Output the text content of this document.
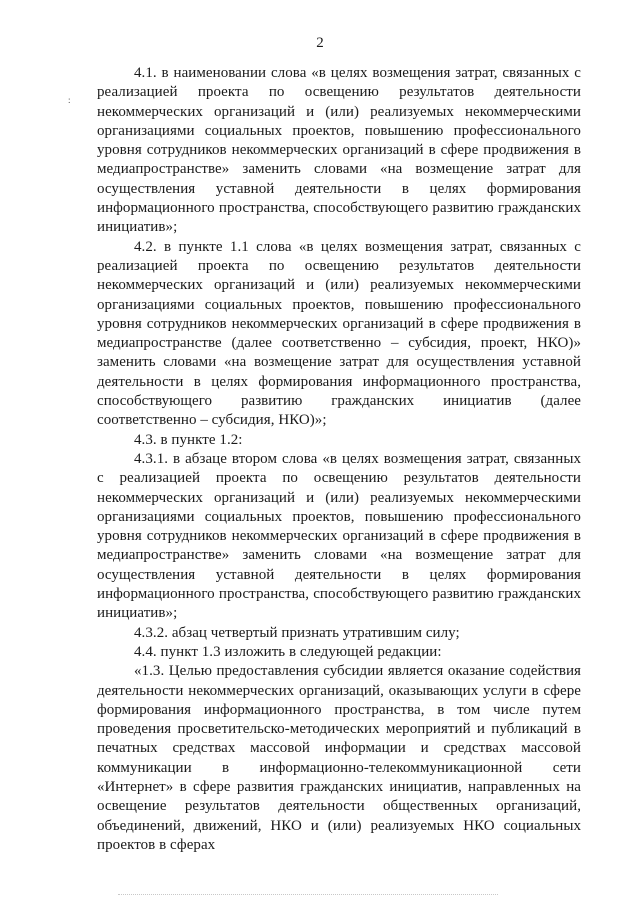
2
:

4.1. в наименовании слова «в целях возмещения затрат, связанных с реализацией проекта по освещению результатов деятельности некоммерческих организаций и (или) реализуемых некоммерческими организациями социальных проектов, повышению профессионального уровня сотрудников некоммерческих организаций в сфере продвижения в медиапространстве» заменить словами «на возмещение затрат для осуществления уставной деятельности в целях формирования информационного пространства, способствующего развитию гражданских инициатив»;

4.2. в пункте 1.1 слова «в целях возмещения затрат, связанных с реализацией проекта по освещению результатов деятельности некоммерческих организаций и (или) реализуемых некоммерческими организациями социальных проектов, повышению профессионального уровня сотрудников некоммерческих организаций в сфере продвижения в медиапространстве (далее соответственно – субсидия, проект, НКО)» заменить словами «на возмещение затрат для осуществления уставной деятельности в целях формирования информационного пространства, способствующего развитию гражданских инициатив (далее соответственно – субсидия, НКО)»;

4.3. в пункте 1.2:

4.3.1. в абзаце втором слова «в целях возмещения затрат, связанных с реализацией проекта по освещению результатов деятельности некоммерческих организаций и (или) реализуемых некоммерческими организациями социальных проектов, повышению профессионального уровня сотрудников некоммерческих организаций в сфере продвижения в медиапространстве» заменить словами «на возмещение затрат для осуществления уставной деятельности в целях формирования информационного пространства, способствующего развитию гражданских инициатив»;

4.3.2. абзац четвертый признать утратившим силу;

4.4. пункт 1.3 изложить в следующей редакции:

«1.3. Целью предоставления субсидии является оказание содействия деятельности некоммерческих организаций, оказывающих услуги в сфере формирования информационного пространства, в том числе путем проведения просветительско-методических мероприятий и публикаций в печатных средствах массовой информации и средствах массовой коммуникации в информационно-телекоммуникационной сети «Интернет» в сфере развития гражданских инициатив, направленных на освещение результатов деятельности общественных организаций, объединений, движений, НКО и (или) реализуемых НКО социальных проектов в сферах
